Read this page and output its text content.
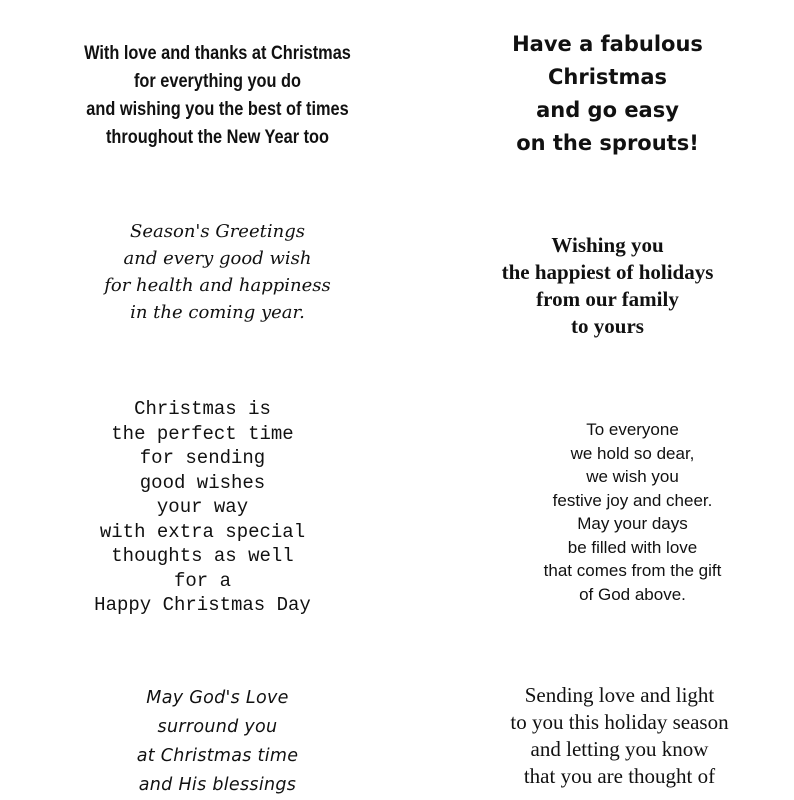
With love and thanks at Christmas
for everything you do
and wishing you the best of times
throughout the New Year too
Have a fabulous
Christmas
and go easy
on the sprouts!
Season's Greetings
and every good wish
for health and happiness
in the coming year.
Wishing you
the happiest of holidays
from our family
to yours
Christmas is
the perfect time
for sending
good wishes
your way
with extra special
thoughts as well
for a
Happy Christmas Day
To everyone
we hold so dear,
we wish you
festive joy and cheer.
May your days
be filled with love
that comes from the gift
of God above.
May God's Love
surround you
at Christmas time
and His blessings
Sending love and light
to you this holiday season
and letting you know
that you are thought of
